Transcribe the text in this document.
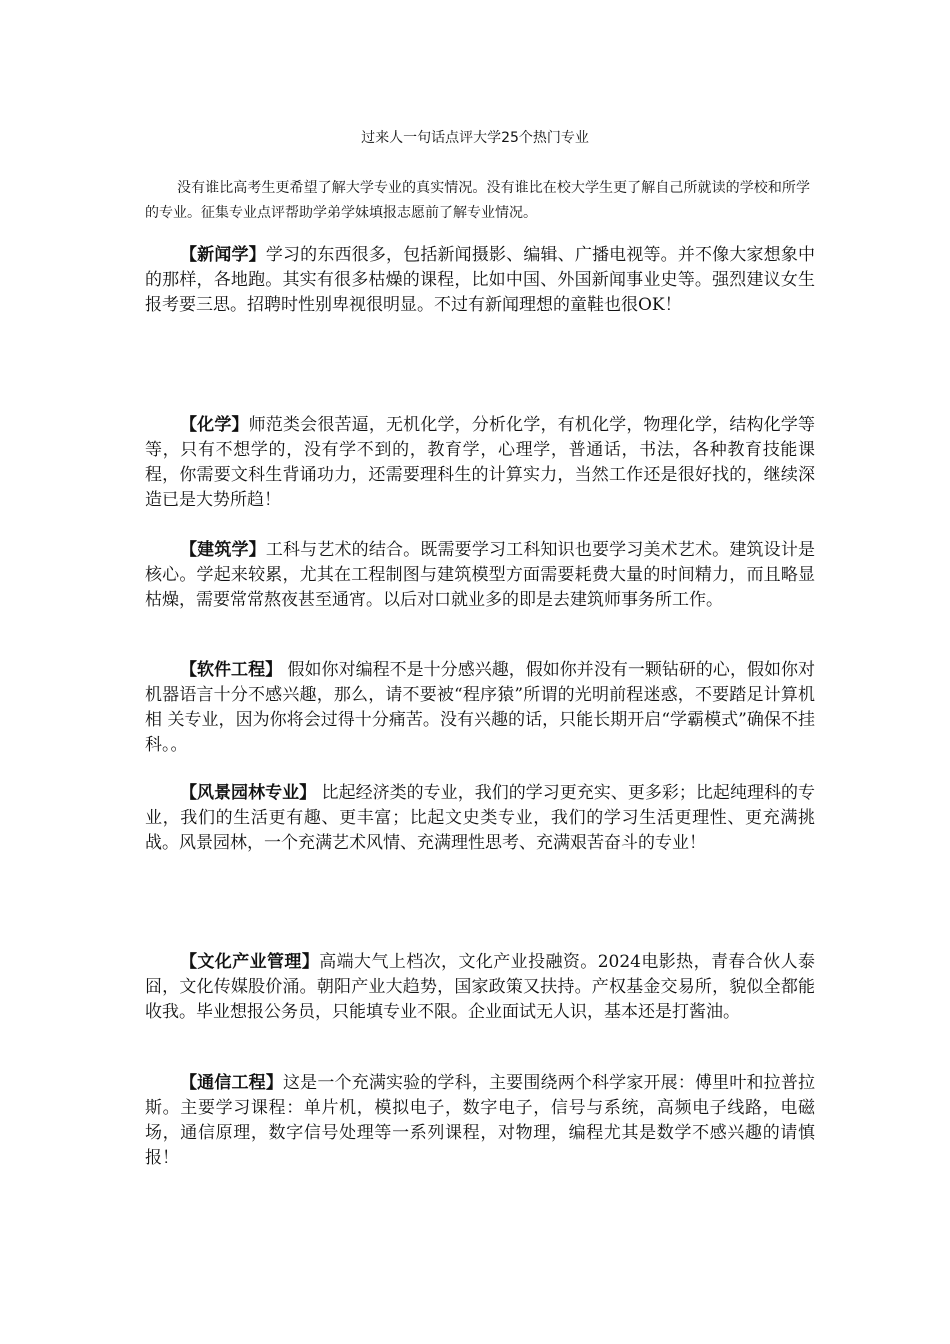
过来人一句话点评大学25个热门专业

没有谁比高考生更希望了解大学专业的真实情况。没有谁比在校大学生更了解自己所就读的学校和所学的专业。征集专业点评帮助学弟学妹填报志愿前了解专业情况。

【新闻学】学习的东西很多，包括新闻摄影、编辑、广播电视等。并不像大家想象中的那样，各地跑。其实有很多枯燥的课程，比如中国、外国新闻事业史等。强烈建议女生报考要三思。招聘时性别卑视很明显。不过有新闻理想的童鞋也很OK！

【化学】师范类会很苦逼，无机化学，分析化学，有机化学，物理化学，结构化学等等，只有不想学的，没有学不到的，教育学，心理学，普通话，书法，各种教育技能课程，你需要文科生背诵功力，还需要理科生的计算实力，当然工作还是很好找的，继续深造已是大势所趋！

【建筑学】工科与艺术的结合。既需要学习工科知识也要学习美术艺术。建筑设计是核心。学起来较累，尤其在工程制图与建筑模型方面需要耗费大量的时间精力，而且略显枯燥，需要常常熬夜甚至通宵。以后对口就业多的即是去建筑师事务所工作。

【软件工程】 假如你对编程不是十分感兴趣，假如你并没有一颗钻研的心，假如你对机器语言十分不感兴趣，那么，请不要被“程序猿”所谓的光明前程迷惑，不要踏足计算机相 关专业，因为你将会过得十分痛苦。没有兴趣的话，只能长期开启“学霸模式”确保不挂科。。

【风景园林专业】 比起经济类的专业，我们的学习更充实、更多彩；比起纯理科的专业，我们的生活更有趣、更丰富；比起文史类专业，我们的学习生活更理性、更充满挑战。风景园林，一个充满艺术风情、充满理性思考、充满艰苦奋斗的专业！

【文化产业管理】高端大气上档次，文化产业投融资。2024电影热，青春合伙人泰囧，文化传媒股价涌。朝阳产业大趋势，国家政策又扶持。产权基金交易所，貌似全都能收我。毕业想报公务员，只能填专业不限。企业面试无人识，基本还是打酱油。

【通信工程】这是一个充满实验的学科，主要围绕两个科学家开展：傅里叶和拉普拉斯。主要学习课程：单片机，模拟电子，数字电子，信号与系统，高频电子线路，电磁场，通信原理，数字信号处理等一系列课程，对物理，编程尤其是数学不感兴趣的请慎报！
